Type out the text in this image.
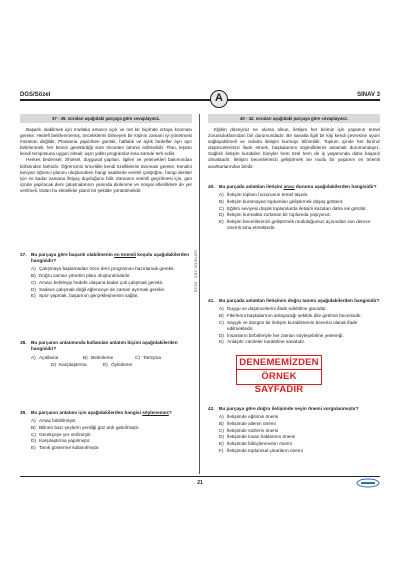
DGS/Sözel	A	SINAV 3
37 - 39. soruları aşağıdaki parçaya göre cevaplayınız.

Başarılı olabilmek için mutlaka amacın açık ve net bir biçimde ortaya konması gerekir. Hedefi belirlenmemiş, önceliklerini bilmeyen bir kişinin zamanı iyi yönetmesi mümkün değildir. Planlama yapılırken günlük, haftalık ve aylık hedefler ayrı ayrı belirlenmeli, her birinin gerektirdiği süre önceden tahmin edilmelidir. Plan, kişinin kendi temposuna uygun olmalı; aşırı yüklü programlar kısa sürede terk edilir.

Herkes bedensel, zihinsel, duygusal yapıları, ilgileri ve yetenekleri bakımından birbirinden farklıdır. Öğrencinin öncelikle kendi özelliklerini tanıması gerekir. Kendini tanıyan öğrenci planını oluştururken hangi saatlerde verimli çalıştığını, hangi dersler için ne kadar zamana ihtiyaç duyduğunu bilir. Zamanın verimli geçirilmesi için, gün içinde yapılacak ders çalışmalarının yanında dinlenme ve sosyal etkinliklere de yer verilmeli, bütün bu etkinlikler planlı bir şekilde yürütülmelidir.

37. Bu parçaya göre başarılı olabilmenin en önemli koşulu aşağıdakilerden hangisidir?
A) Çalışmaya başlamadan önce ders programını hazırlamak gerekir.
B) Doğru zaman yönetim planı oluşturulmalıdır.
C) Amacı belirleyip hedefe ulaşana kadar çok çalışmak gerekir.
D) Sadece çalışmak değil eğlenceye de zaman ayırmak gerekir.
E) Spor yapmak, başarının gerçekleşmesini sağlar.
38. Bu parçanın anlatımında kullanılan anlatım biçimi aşağıdakilerden hangisidir?
A) Açıklama	B) Betimleme	C) Tartışma
D) Karşılaştırma	E) Öyküleme
39. Bu parçanın anlatımı için aşağıdakilerden hangisi söylenemez?
A) Amaç bildirilmiştir.
B) Bilinen bazı şeylerin yeniliği göz ardı getirilmiştir.
C) Gerekçeye yer verilmiştir.
D) Karşılaştırma yapılmıştır.
E) Tanık gösterme kullanılmıştır.
ÖSYM · DGS YAYINLARI
40 - 42. soruları aşağıdaki parçaya göre cevaplayınız.

Eğitim düzeyiniz ne olursa olsun, iletişim her birimiz için yaşamın temel zorunluluklarından biri durumundadır. Bir sanatla ilgili bir kişi kendi çevresine uyum sağlayabilmeli ve onlarla iletişim kurmayı bilmelidir. Toplum içinde her birimiz düşüncelerimizi ifade etmek, başkalarının söylediklerini anlamak durumundayız. Sağlıklı iletişim kurabilen bireyler hem özel hem de iş yaşamında daha başarılı olmaktadır. İletişim becerilerimizi geliştirmek ise mutlu bir yaşamın en önemli anahtarlarından biridir.

40. Bu parçada anlatılan iletişim aracı durumu aşağıdakilerden hangisidir?
A) İletişim toplum huzurunun temel taşıdır.
B) İletişim kuramayan toplumları geliştirmek düşüş gösterir.
C) Eğitim seviyesi düşük toplumlarda iletişim kazaları daha sık görülür.
D) İletişim kurmakta zorlanan bir toplumda yaşıyoruz.
E) İletişim becerilerimizi geliştirmek mutluluğumuz açısından son derece önemli ama etmektedir.
41. Bu parçada anlatılan iletişimin doğru tanımı aşağıdakilerden hangisidir?
A) Duygu ve düşüncelerini ifade edebilme gücüdür.
B) Fikirlerini başkalarının anlayacağı şekilde dile getirme becerisidir.
C) Saygılı ve düzgün bir iletişim kurabilmenin becerisi olarak ifade edilmektedir.
D) İnsanların birbirleriyle her zaman söyleşebilme yeteneği.
E) Anlaşılır cümleler kurabilme sanatıdır.
DENEMEMİZDEN
ÖRNEK SAYFADIR
42. Bu parçaya göre doğru iletişimde neyin önemi vurgulanmıştır?
A) İletişimde eğitimin önemi
B) İletişimde ailenin önemi
C) İletişimde sözlerin önemi
D) İletişimde insan haklarının önemi
E) İletişimde bilinçlenmenin önemi
F) İletişimde toplumsal çıkarların önemi
21
